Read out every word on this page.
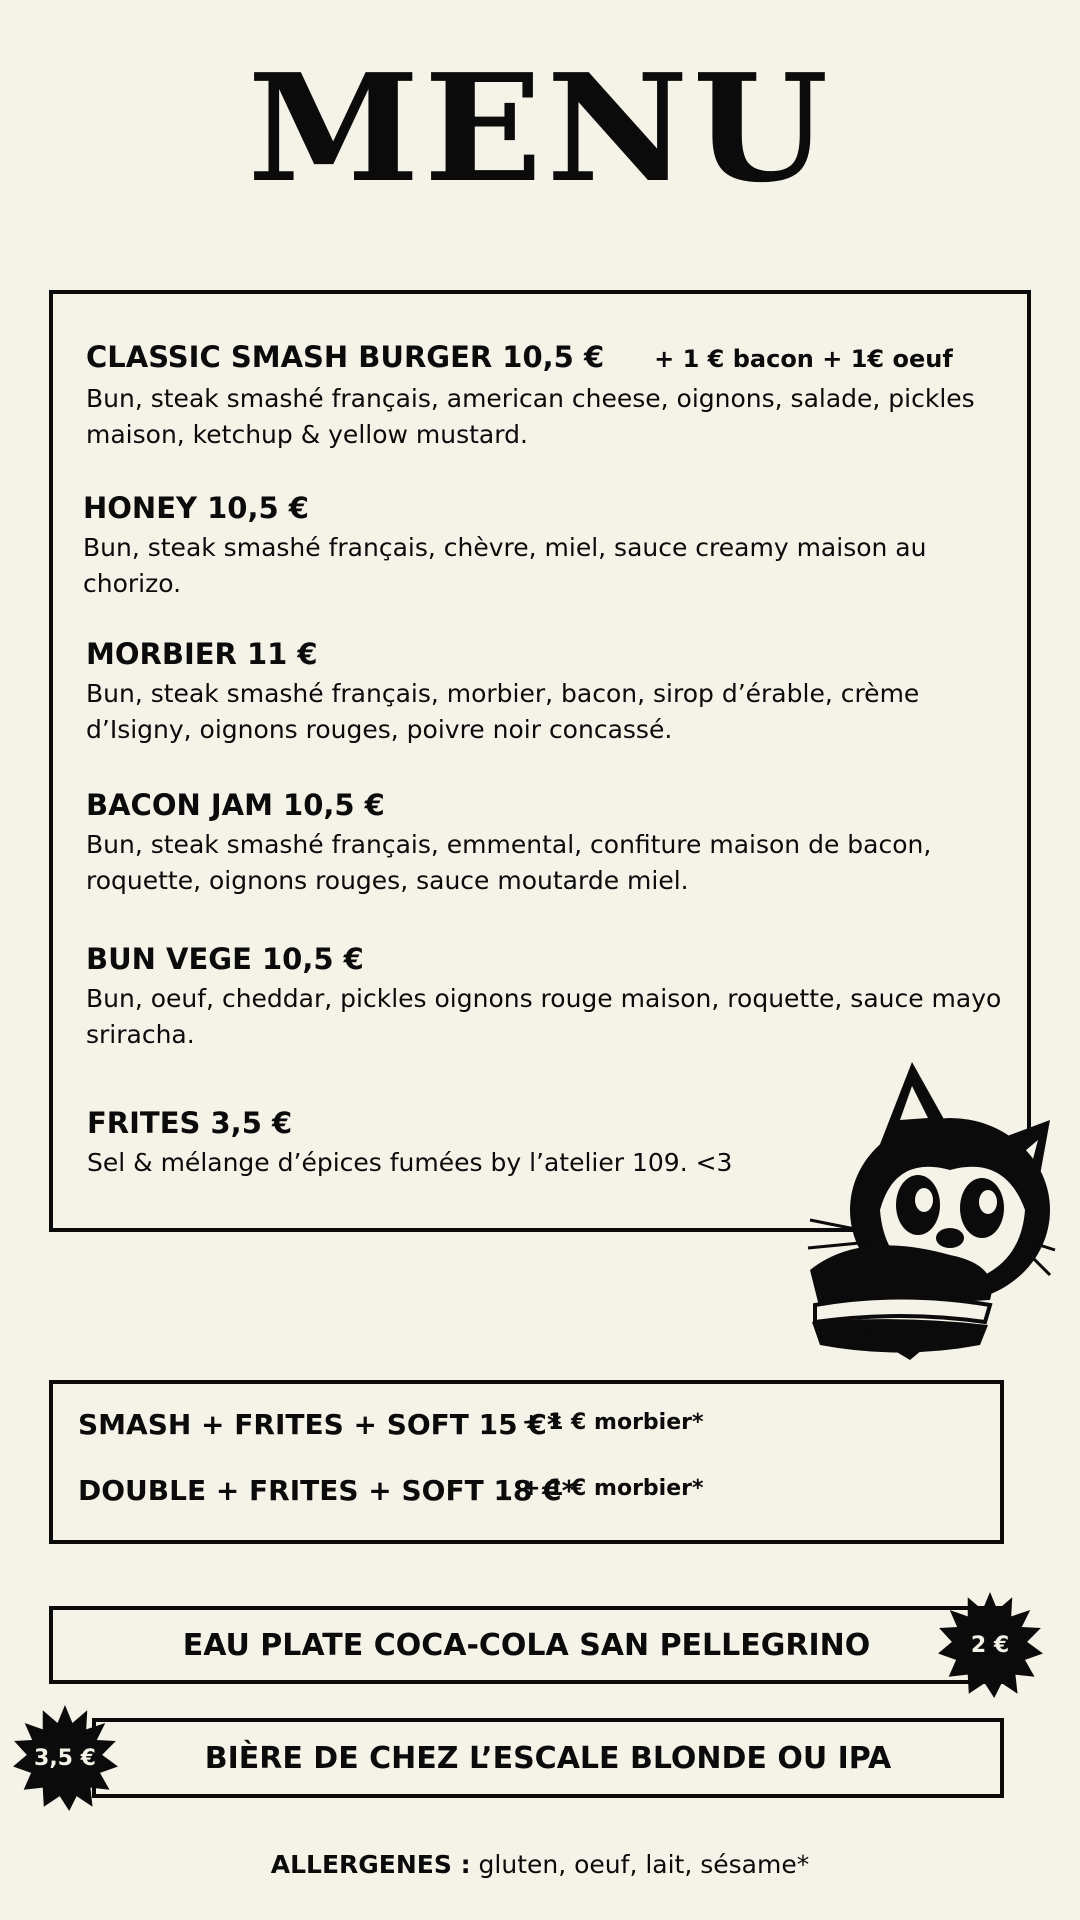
MENU
CLASSIC SMASH BURGER 10,5 € + 1 € bacon + 1€ oeuf
Bun, steak smashé français, american cheese, oignons, salade, pickles maison, ketchup & yellow mustard.
HONEY 10,5 €
Bun, steak smashé français, chèvre, miel, sauce creamy maison au chorizo.
MORBIER 11 €
Bun, steak smashé français, morbier, bacon, sirop d’érable, crème d’Isigny, oignons rouges, poivre noir concassé.
BACON JAM 10,5 €
Bun, steak smashé français, emmental, confiture maison de bacon, roquette, oignons rouges, sauce moutarde miel.
BUN VEGE 10,5 €
Bun, oeuf, cheddar, pickles oignons rouge maison, roquette, sauce mayo sriracha.
FRITES 3,5 €
Sel & mélange d’épices fumées by l’atelier 109. <3
SMASH + FRITES + SOFT 15 €*
+ 1 € morbier*
DOUBLE + FRITES + SOFT 18 €*
+ 1 € morbier*
EAU PLATE COCA-COLA SAN PELLEGRINO	2 €
BIÈRE DE CHEZ L’ESCALE BLONDE OU IPA
3,5 €
ALLERGENES : gluten, oeuf, lait, sésame*
